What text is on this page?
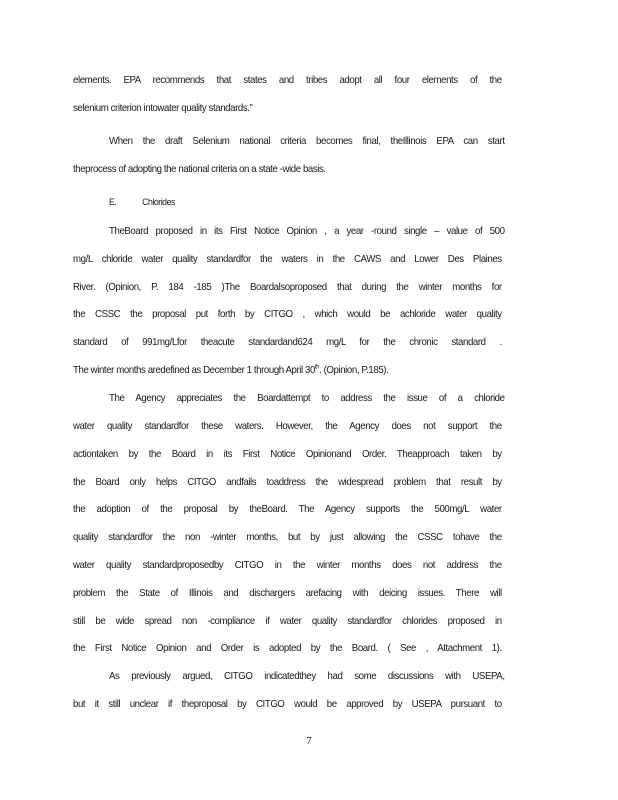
elements. EPA recommends that states and tribes adopt all four elements of the
selenium criterion intowater quality standards.”
When the draft Selenium national criteria becomes final, theIllinois EPA can start
theprocess of adopting the national criteria on a state -wide basis.
E.	Chlorides
TheBoard proposed in its First Notice Opinion , a year -round single – value of 500
mg/L chloride water quality standardfor the waters in the CAWS and Lower Des Plaines
River. (Opinion, P. 184 -185 )The Boardalsoproposed that during the winter months for
the CSSC the proposal put forth by CITGO , which would be achloride water quality
standard of 991mg/Lfor theacute standardand624 mg/L for the chronic standard .
The winter months aredefined as December 1 through April 30th. (Opinion, P.185).
The Agency appreciates the Boardattempt to address the issue of a chloride
water quality standardfor these waters. However, the Agency does not support the
actiontaken by the Board in its First Notice Opinionand Order. Theapproach taken by
the Board only helps CITGO andfails toaddress the widespread problem that result by
the adoption of the proposal by theBoard. The Agency supports the 500mg/L water
quality standardfor the non -winter months, but by just allowing the CSSC tohave the
water quality standardproposedby CITGO in the winter months does not address the
problem the State of Illinois and dischargers arefacing with deicing issues. There will
still be wide spread non -compliance if water quality standardfor chlorides proposed in
the First Notice Opinion and Order is adopted by the Board. ( See , Attachment 1).
As previously argued, CITGO indicatedthey had some discussions with USEPA,
but it still unclear if theproposal by CITGO would be approved by USEPA pursuant to
7
